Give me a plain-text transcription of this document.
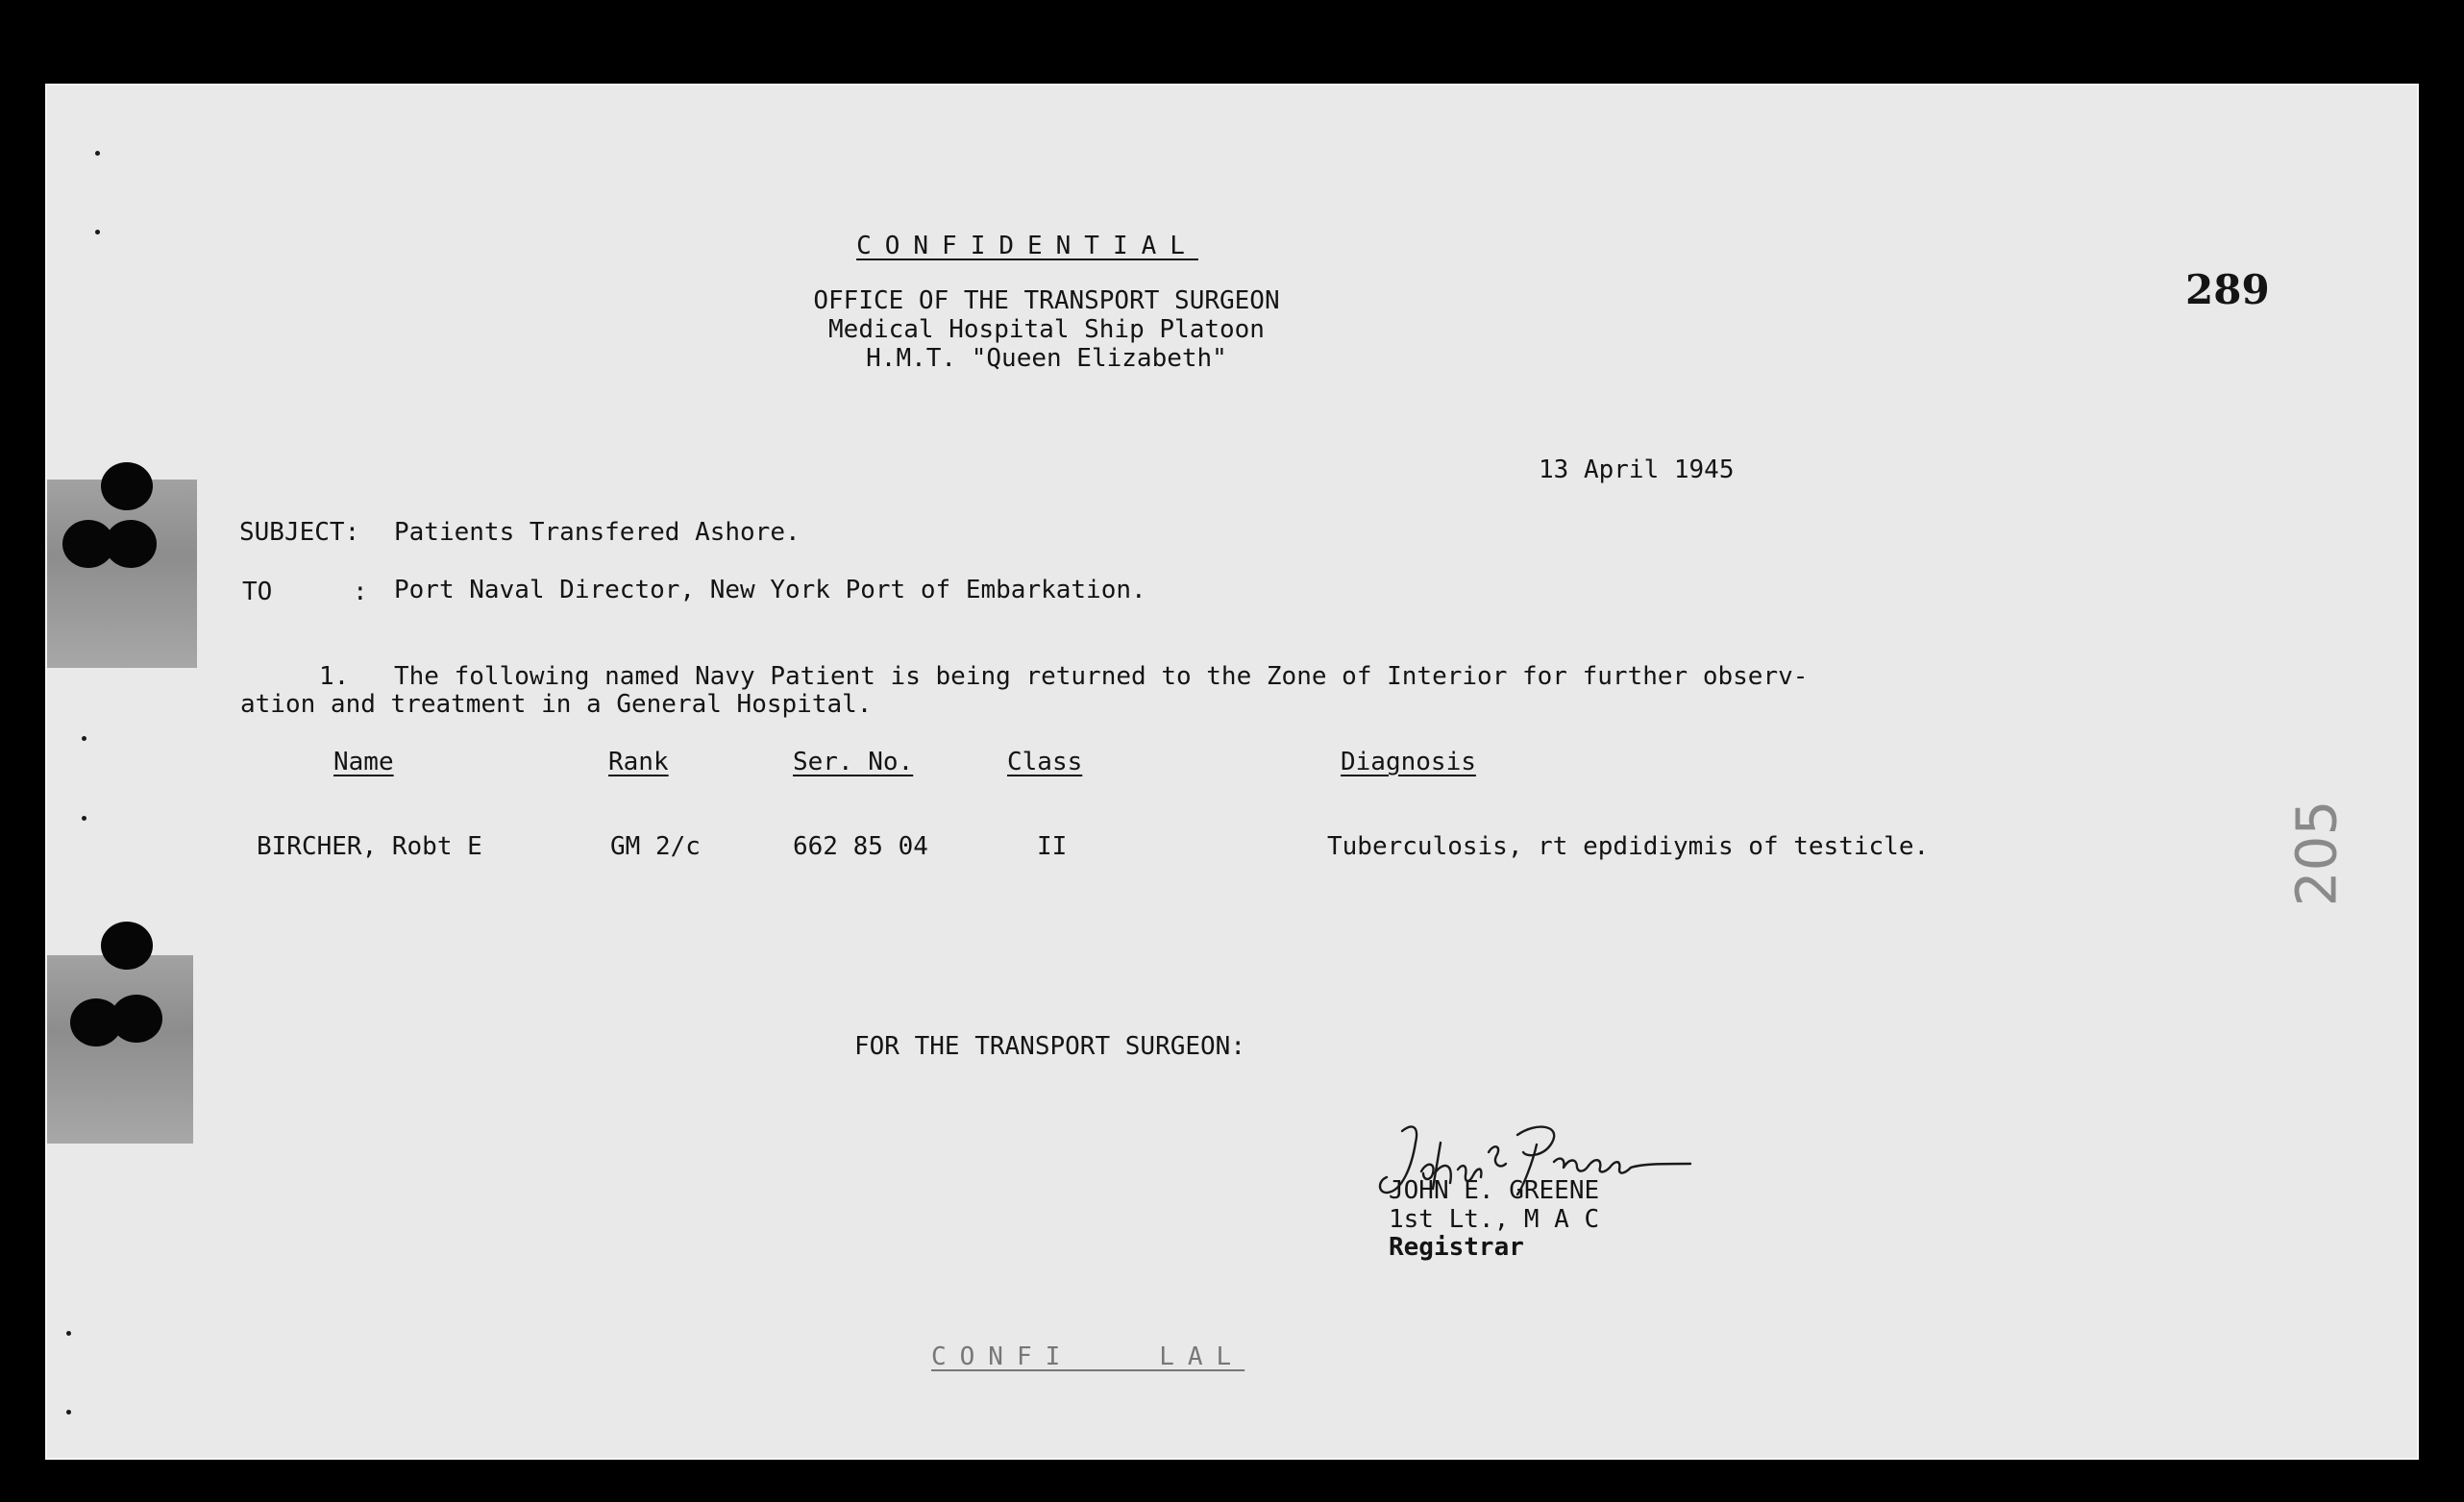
CONFIDENTIAL
OFFICE OF THE TRANSPORT SURGEON
Medical Hospital Ship Platoon
H.M.T. "Queen Elizabeth"
289
13 April 1945
SUBJECT: Patients Transfered Ashore.
TO	: Port Naval Director, New York Port of Embarkation.
1. The following named Navy Patient is being returned to the Zone of Interior for further observ-
ation and treatment in a General Hospital.
Name	Rank	Ser. No.	Class	Diagnosis
BIRCHER, Robt E	GM 2/c	662 85 04	II	Tuberculosis, rt epdidiymis of testicle.	205
FOR THE TRANSPORT SURGEON:
JOHN E. GREENE
1st Lt., M A C
Registrar
CONFI   LAL
